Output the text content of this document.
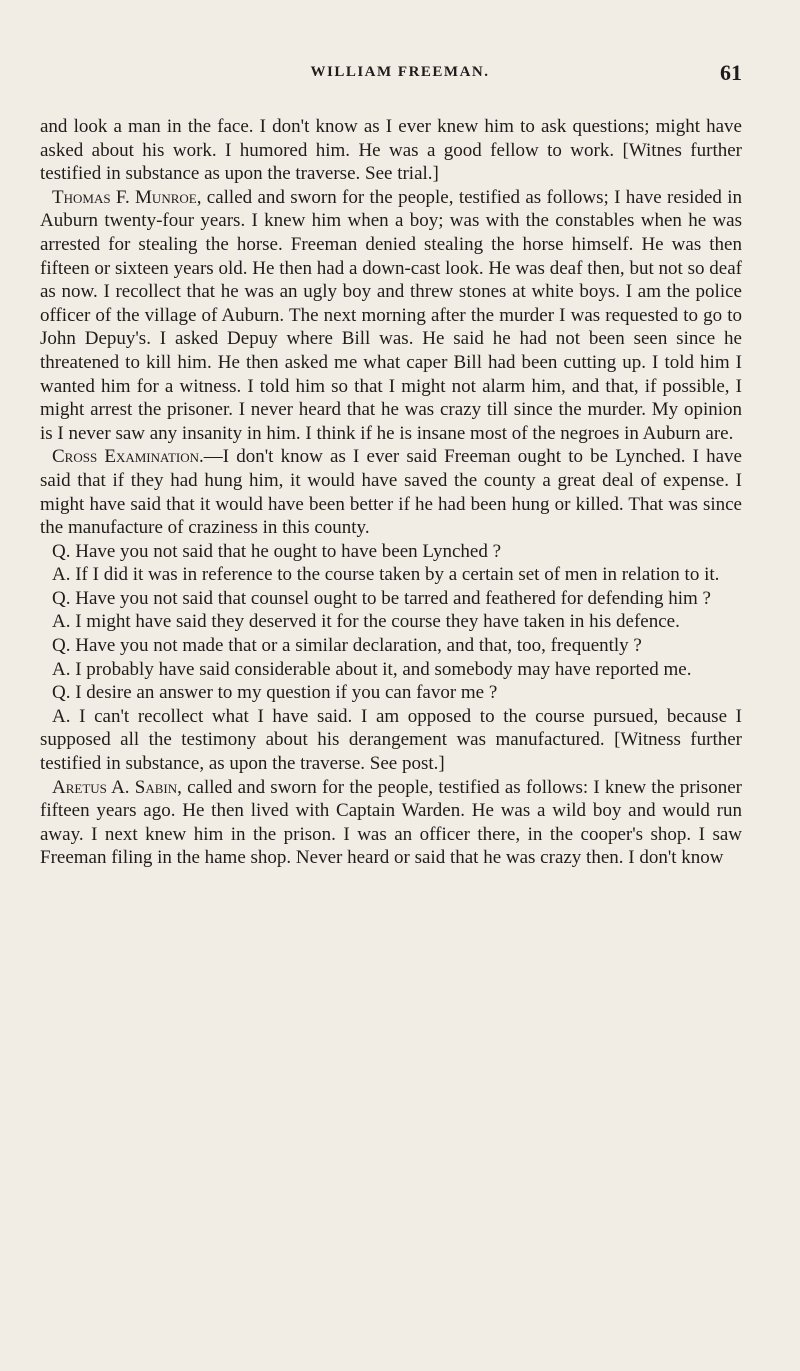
WILLIAM FREEMAN.	61

and look a man in the face. I don't know as I ever knew him to ask questions; might have asked about his work. I humored him. He was a good fellow to work. [Witnes further testified in substance as upon the traverse. See trial.]

Thomas F. Munroe, called and sworn for the people, testified as follows; I have resided in Auburn twenty-four years. I knew him when a boy; was with the constables when he was arrested for stealing the horse. Freeman denied stealing the horse himself. He was then fifteen or sixteen years old. He then had a down-cast look. He was deaf then, but not so deaf as now. I recollect that he was an ugly boy and threw stones at white boys. I am the police officer of the village of Auburn. The next morning after the murder I was requested to go to John Depuy's. I asked Depuy where Bill was. He said he had not been seen since he threatened to kill him. He then asked me what caper Bill had been cutting up. I told him I wanted him for a witness. I told him so that I might not alarm him, and that, if possible, I might arrest the prisoner. I never heard that he was crazy till since the murder. My opinion is I never saw any insanity in him. I think if he is insane most of the negroes in Auburn are.

Cross Examination.—I don't know as I ever said Freeman ought to be Lynched. I have said that if they had hung him, it would have saved the county a great deal of expense. I might have said that it would have been better if he had been hung or killed. That was since the manufacture of craziness in this county.

Q. Have you not said that he ought to have been Lynched ?

A. If I did it was in reference to the course taken by a certain set of men in relation to it.

Q. Have you not said that counsel ought to be tarred and feathered for defending him ?

A. I might have said they deserved it for the course they have taken in his defence.

Q. Have you not made that or a similar declaration, and that, too, frequently ?

A. I probably have said considerable about it, and somebody may have reported me.

Q. I desire an answer to my question if you can favor me ?

A. I can't recollect what I have said. I am opposed to the course pursued, because I supposed all the testimony about his derangement was manufactured. [Witness further testified in substance, as upon the traverse. See post.]

Aretus A. Sabin, called and sworn for the people, testified as follows: I knew the prisoner fifteen years ago. He then lived with Captain Warden. He was a wild boy and would run away. I next knew him in the prison. I was an officer there, in the cooper's shop. I saw Freeman filing in the hame shop. Never heard or said that he was crazy then. I don't know
